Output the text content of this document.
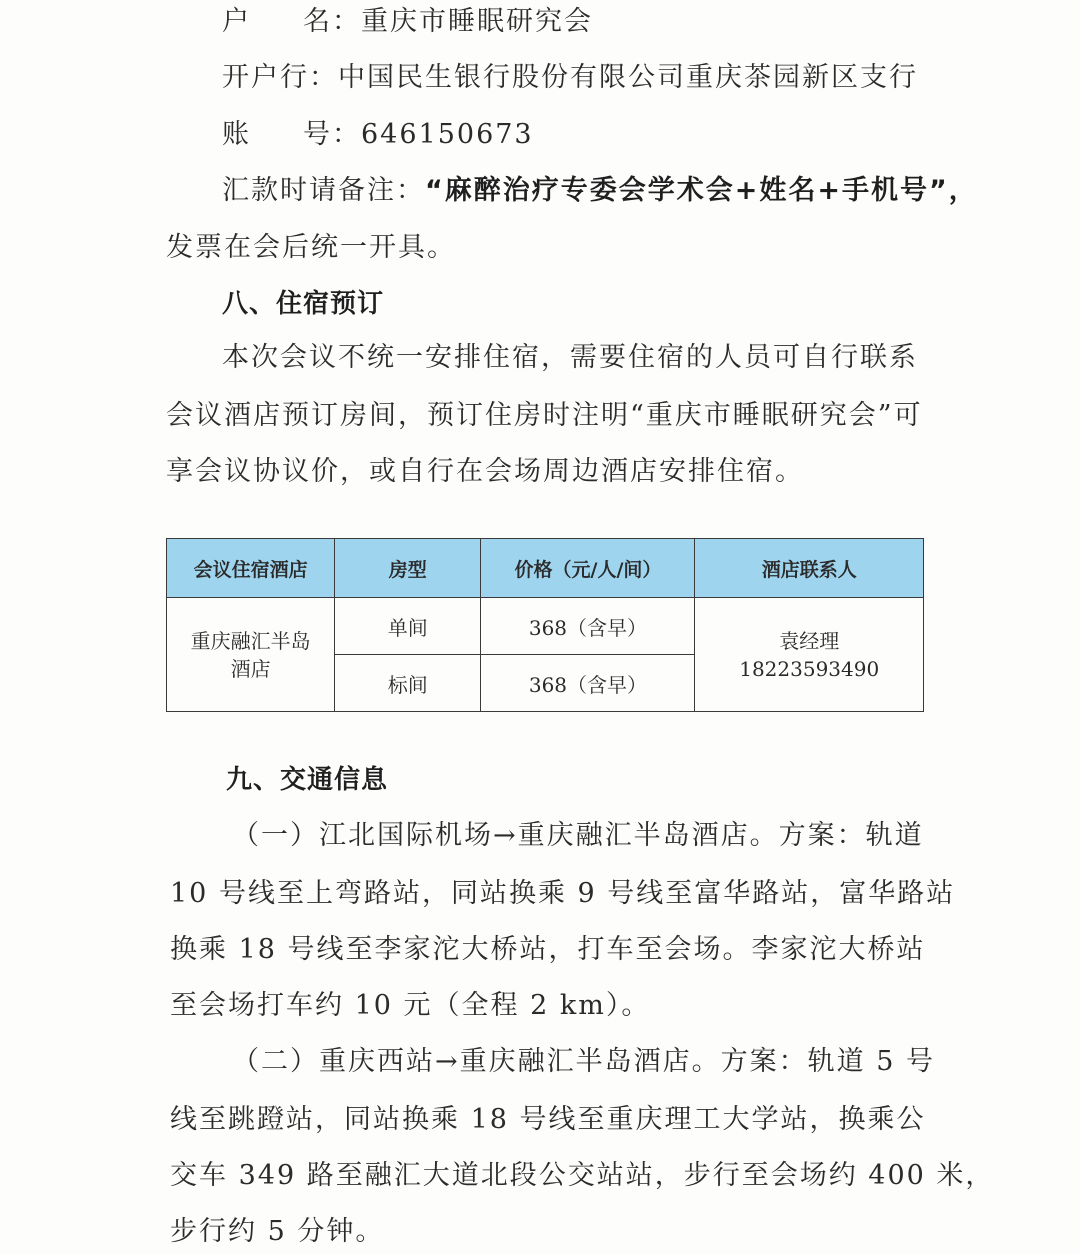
户 名：重庆市睡眠研究会
开户行：中国民生银行股份有限公司重庆茶园新区支行
账 号：646150673
汇款时请备注：“麻醉治疗专委会学术会+姓名+手机号”，
发票在会后统一开具。
八、住宿预订
本次会议不统一安排住宿，需要住宿的人员可自行联系
会议酒店预订房间，预订住房时注明“重庆市睡眠研究会”可
享会议协议价，或自行在会场周边酒店安排住宿。
会议住宿酒店	房型	价格（元/人/间）	酒店联系人

重庆融汇半岛
酒店	单间	368（含早）	袁经理
18223593490

	标间	368（含早）	
九、交通信息
（一）江北国际机场→重庆融汇半岛酒店。方案：轨道
10 号线至上弯路站，同站换乘 9 号线至富华路站，富华路站
换乘 18 号线至李家沱大桥站，打车至会场。李家沱大桥站
至会场打车约 10 元（全程 2 km）。
（二）重庆西站→重庆融汇半岛酒店。方案：轨道 5 号
线至跳蹬站，同站换乘 18 号线至重庆理工大学站，换乘公
交车 349 路至融汇大道北段公交站站，步行至会场约 400 米，
步行约 5 分钟。
